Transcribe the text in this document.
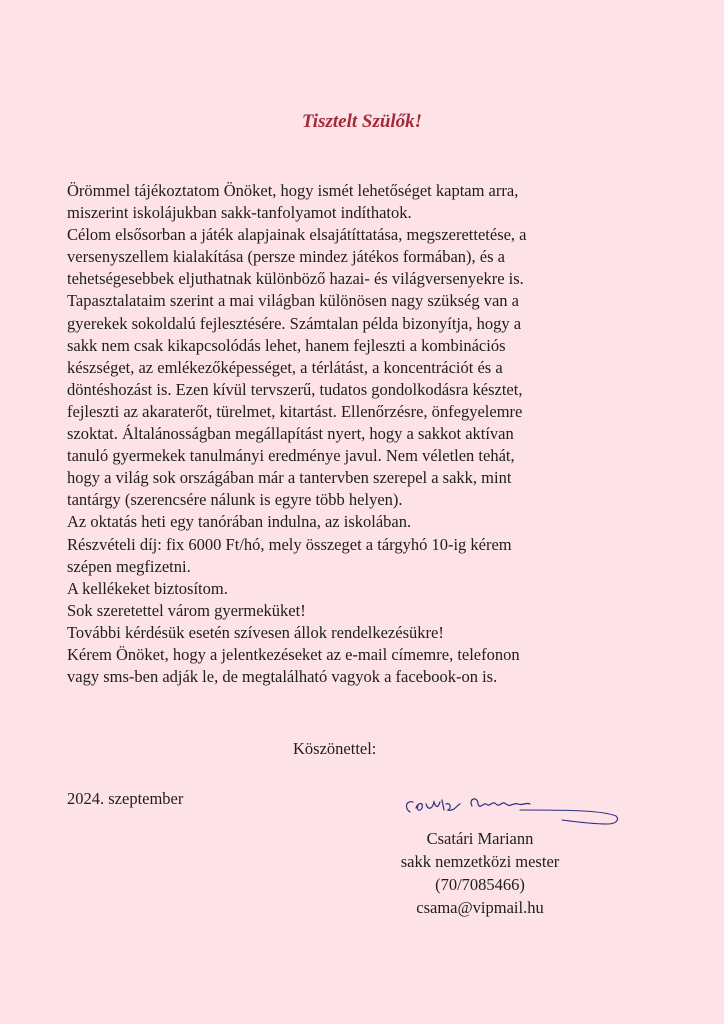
Tisztelt Szülők!
Örömmel tájékoztatom Önöket, hogy ismét lehetőséget kaptam arra,
miszerint iskolájukban sakk-tanfolyamot indíthatok.
Célom elsősorban a játék alapjainak elsajátíttatása, megszerettetése, a
versenyszellem kialakítása (persze mindez játékos formában), és a
tehetségesebbek eljuthatnak különböző hazai- és világversenyekre is.
Tapasztalataim szerint a mai világban különösen nagy szükség van a
gyerekek sokoldalú fejlesztésére. Számtalan példa bizonyítja, hogy a
sakk nem csak kikapcsolódás lehet, hanem fejleszti a kombinációs
készséget, az emlékezőképességet, a térlátást, a koncentrációt és a
döntéshozást is. Ezen kívül tervszerű, tudatos gondolkodásra késztet,
fejleszti az akaraterőt, türelmet, kitartást. Ellenőrzésre, önfegyelemre
szoktat. Általánosságban megállapítást nyert, hogy a sakkot aktívan
tanuló gyermekek tanulmányi eredménye javul. Nem véletlen tehát,
hogy a világ sok országában már a tantervben szerepel a sakk, mint
tantárgy (szerencsére nálunk is egyre több helyen).
Az oktatás heti egy tanórában indulna, az iskolában.
Részvételi díj: fix 6000 Ft/hó, mely összeget a tárgyhó 10-ig kérem
szépen megfizetni.
A kellékeket biztosítom.
Sok szeretettel várom gyermeküket!
További kérdésük esetén szívesen állok rendelkezésükre!
Kérem Önöket, hogy a jelentkezéseket az e-mail címemre, telefonon
vagy sms-ben adják le, de megtalálható vagyok a facebook-on is.
Köszönettel:
2024. szeptember
Csatári Mariann
sakk nemzetközi mester
(70/7085466)
csama@vipmail.hu
